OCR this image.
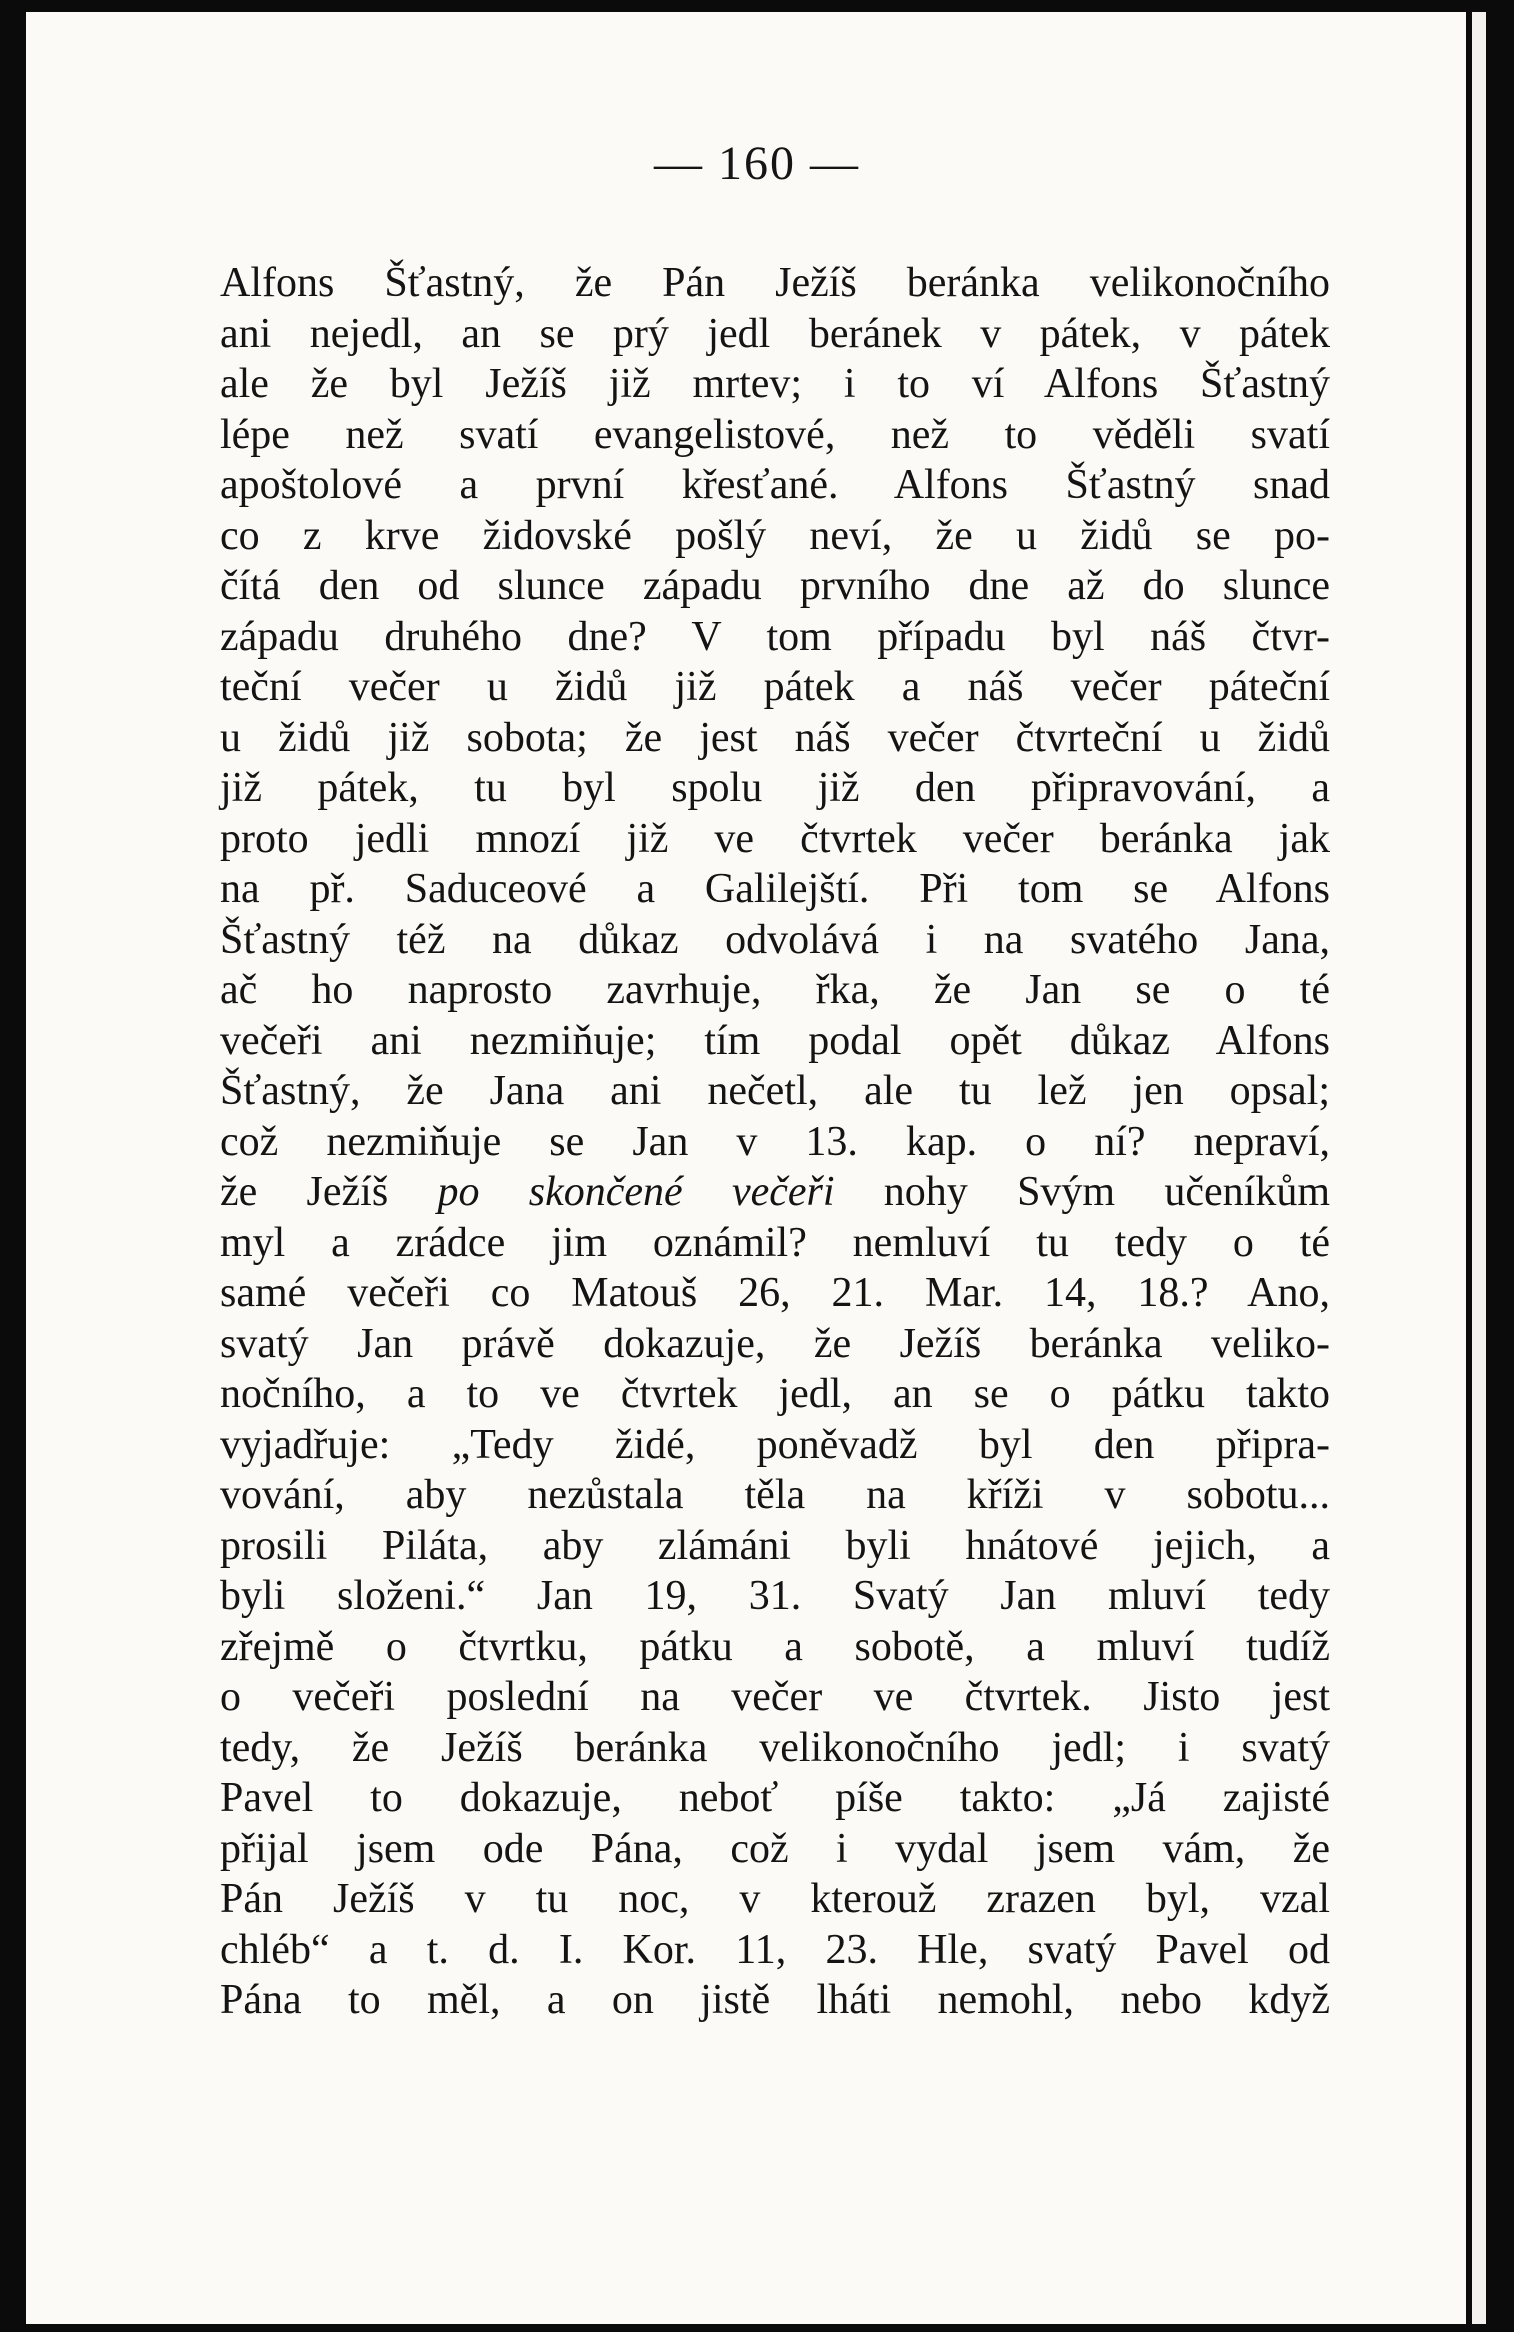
— 160 —
Alfons Šťastný, že Pán Ježíš beránka velikonočního
ani nejedl, an se prý jedl beránek v pátek, v pátek
ale že byl Ježíš již mrtev; i to ví Alfons Šťastný
lépe než svatí evangelistové, než to věděli svatí
apoštolové a první křesťané. Alfons Šťastný snad
co z krve židovské pošlý neví, že u židů se po-
čítá den od slunce západu prvního dne až do slunce
západu druhého dne? V tom případu byl náš čtvr-
teční večer u židů již pátek a náš večer páteční
u židů již sobota; že jest náš večer čtvrteční u židů
již pátek, tu byl spolu již den připravování, a
proto jedli mnozí již ve čtvrtek večer beránka jak
na př. Saduceové a Galilejští. Při tom se Alfons
Šťastný též na důkaz odvolává i na svatého Jana,
ač ho naprosto zavrhuje, řka, že Jan se o té
večeři ani nezmiňuje; tím podal opět důkaz Alfons
Šťastný, že Jana ani nečetl, ale tu lež jen opsal;
což nezmiňuje se Jan v 13. kap. o ní? nepraví,
že Ježíš po skončené večeři nohy Svým učeníkům
myl a zrádce jim oznámil? nemluví tu tedy o té
samé večeři co Matouš 26, 21. Mar. 14, 18.? Ano,
svatý Jan právě dokazuje, že Ježíš beránka veliko-
nočního, a to ve čtvrtek jedl, an se o pátku takto
vyjadřuje: „Tedy židé, poněvadž byl den připra-
vování, aby nezůstala těla na kříži v sobotu...
prosili Piláta, aby zlámáni byli hnátové jejich, a
byli složeni.“ Jan 19, 31. Svatý Jan mluví tedy
zřejmě o čtvrtku, pátku a sobotě, a mluví tudíž
o večeři poslední na večer ve čtvrtek. Jisto jest
tedy, že Ježíš beránka velikonočního jedl; i svatý
Pavel to dokazuje, neboť píše takto: „Já zajisté
přijal jsem ode Pána, což i vydal jsem vám, že
Pán Ježíš v tu noc, v kterouž zrazen byl, vzal
chléb“ a t. d. I. Kor. 11, 23. Hle, svatý Pavel od
Pána to měl, a on jistě lháti nemohl, nebo když
